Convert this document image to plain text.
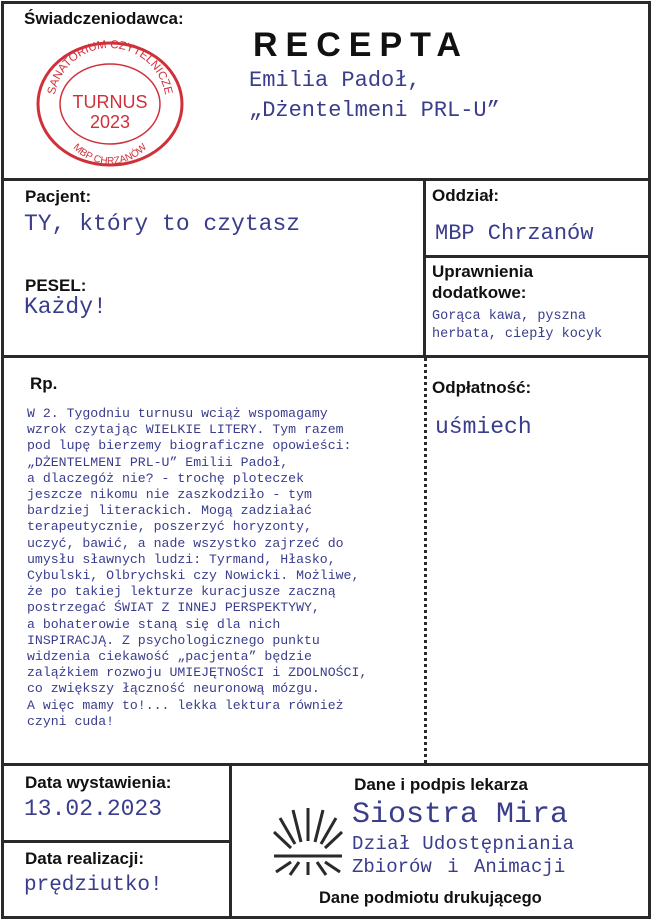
Świadczeniodawca:
SANATORIUM CZYTELNICZE
TURNUS
2023
MBP CHRZANÓW
RECEPTA
Emilia Padoł,
„Dżentelmeni PRL-U”
Pacjent:
TY, który to czytasz
PESEL:
Każdy!
Oddział:
MBP Chrzanów
Uprawnienia
dodatkowe:
Gorąca kawa, pyszna
herbata, ciepły kocyk
Rp.
W 2. Tygodniu turnusu wciąż wspomagamy
wzrok czytając WIELKIE LITERY. Tym razem
pod lupę bierzemy biograficzne opowieści:
„DŻENTELMENI PRL-U” Emilii Padoł,
a dlaczegóż nie? - trochę ploteczek
jeszcze nikomu nie zaszkodziło - tym
bardziej literackich. Mogą zadziałać
terapeutycznie, poszerzyć horyzonty,
uczyć, bawić, a nade wszystko zajrzeć do
umysłu sławnych ludzi: Tyrmand, Hłasko,
Cybulski, Olbrychski czy Nowicki. Możliwe,
że po takiej lekturze kuracjusze zaczną
postrzegać ŚWIAT Z INNEJ PERSPEKTYWY,
a bohaterowie staną się dla nich
INSPIRACJĄ. Z psychologicznego punktu
widzenia ciekawość „pacjenta” będzie
zalążkiem rozwoju UMIEJĘTNOŚCI i ZDOLNOŚCI,
co zwiększy łączność neuronową mózgu.
A więc mamy to!... lekka lektura również
czyni cuda!
Odpłatność:
uśmiech
Data wystawienia:
13.02.2023
Data realizacji:
prędziutko!
Dane i podpis lekarza
Siostra Mira
Dział Udostępniania
Zbiorów i Animacji
Dane podmiotu drukującego
